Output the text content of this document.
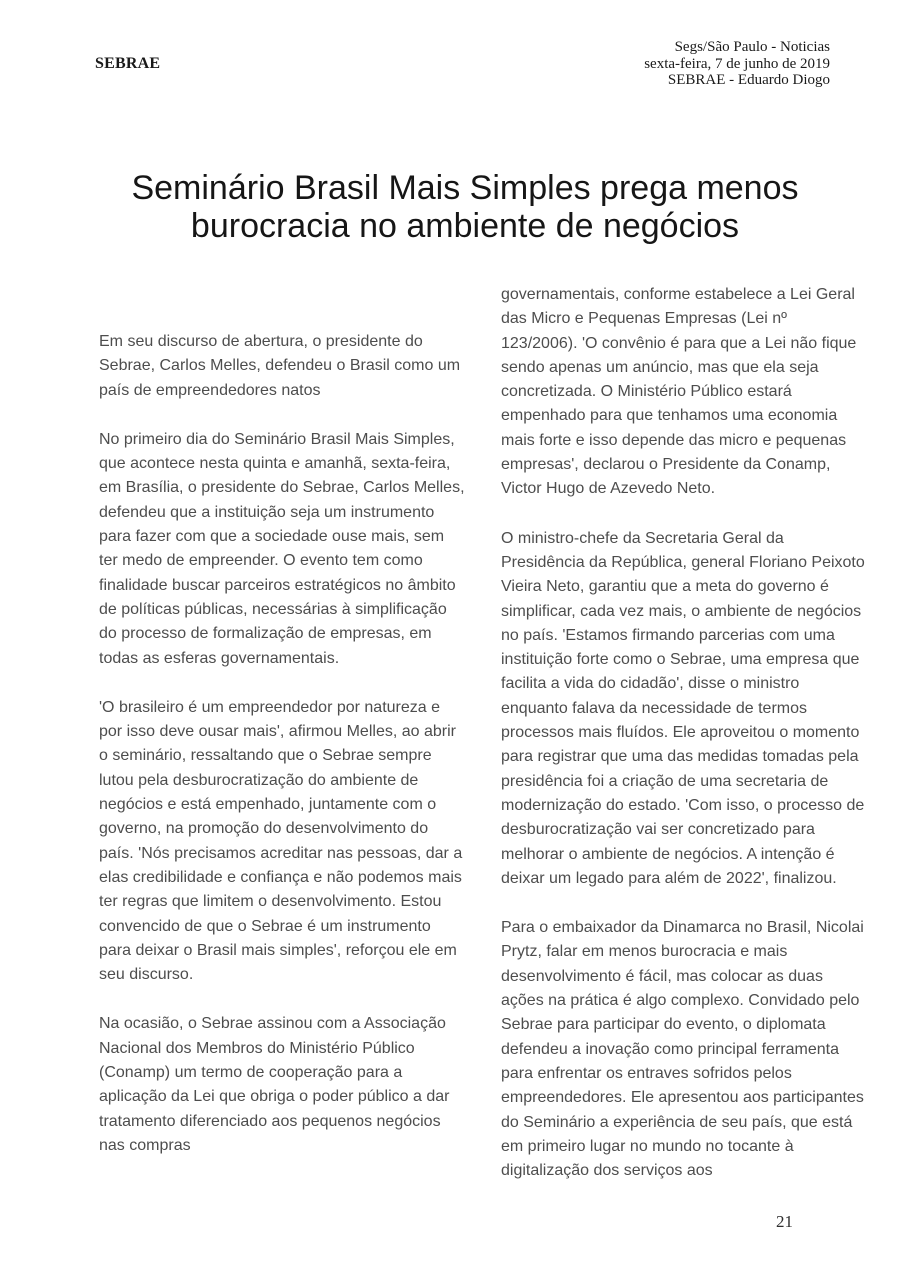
SEBRAE
Segs/São Paulo - Noticias
sexta-feira, 7 de junho de 2019
SEBRAE - Eduardo Diogo
Seminário Brasil Mais Simples prega menos burocracia no ambiente de negócios

Em seu discurso de abertura, o presidente do Sebrae, Carlos Melles, defendeu o Brasil como um país de empreendedores natos

No primeiro dia do Seminário Brasil Mais Simples, que acontece nesta quinta e amanhã, sexta-feira, em Brasília, o presidente do Sebrae, Carlos Melles, defendeu que a instituição seja um instrumento para fazer com que a sociedade ouse mais, sem ter medo de empreender. O evento tem como finalidade buscar parceiros estratégicos no âmbito de políticas públicas, necessárias à simplificação do processo de formalização de empresas, em todas as esferas governamentais.

'O brasileiro é um empreendedor por natureza e por isso deve ousar mais', afirmou Melles, ao abrir o seminário, ressaltando que o Sebrae sempre lutou pela desburocratização do ambiente de negócios e está empenhado, juntamente com o governo, na promoção do desenvolvimento do país. 'Nós precisamos acreditar nas pessoas, dar a elas credibilidade e confiança e não podemos mais ter regras que limitem o desenvolvimento. Estou convencido de que o Sebrae é um instrumento para deixar o Brasil mais simples', reforçou ele em seu discurso.

Na ocasião, o Sebrae assinou com a Associação Nacional dos Membros do Ministério Público (Conamp) um termo de cooperação para a aplicação da Lei que obriga o poder público a dar tratamento diferenciado aos pequenos negócios nas compras

governamentais, conforme estabelece a Lei Geral das Micro e Pequenas Empresas (Lei nº 123/2006). 'O convênio é para que a Lei não fique sendo apenas um anúncio, mas que ela seja concretizada. O Ministério Público estará empenhado para que tenhamos uma economia mais forte e isso depende das micro e pequenas empresas', declarou o Presidente da Conamp, Victor Hugo de Azevedo Neto.

O ministro-chefe da Secretaria Geral da Presidência da República, general Floriano Peixoto Vieira Neto, garantiu que a meta do governo é simplificar, cada vez mais, o ambiente de negócios no país. 'Estamos firmando parcerias com uma instituição forte como o Sebrae, uma empresa que facilita a vida do cidadão', disse o ministro enquanto falava da necessidade de termos processos mais fluídos. Ele aproveitou o momento para registrar que uma das medidas tomadas pela presidência foi a criação de uma secretaria de modernização do estado. 'Com isso, o processo de desburocratização vai ser concretizado para melhorar o ambiente de negócios. A intenção é deixar um legado para além de 2022', finalizou.

Para o embaixador da Dinamarca no Brasil, Nicolai Prytz, falar em menos burocracia e mais desenvolvimento é fácil, mas colocar as duas ações na prática é algo complexo. Convidado pelo Sebrae para participar do evento, o diplomata defendeu a inovação como principal ferramenta para enfrentar os entraves sofridos pelos empreendedores. Ele apresentou aos participantes do Seminário a experiência de seu país, que está em primeiro lugar no mundo no tocante à digitalização dos serviços aos

21
